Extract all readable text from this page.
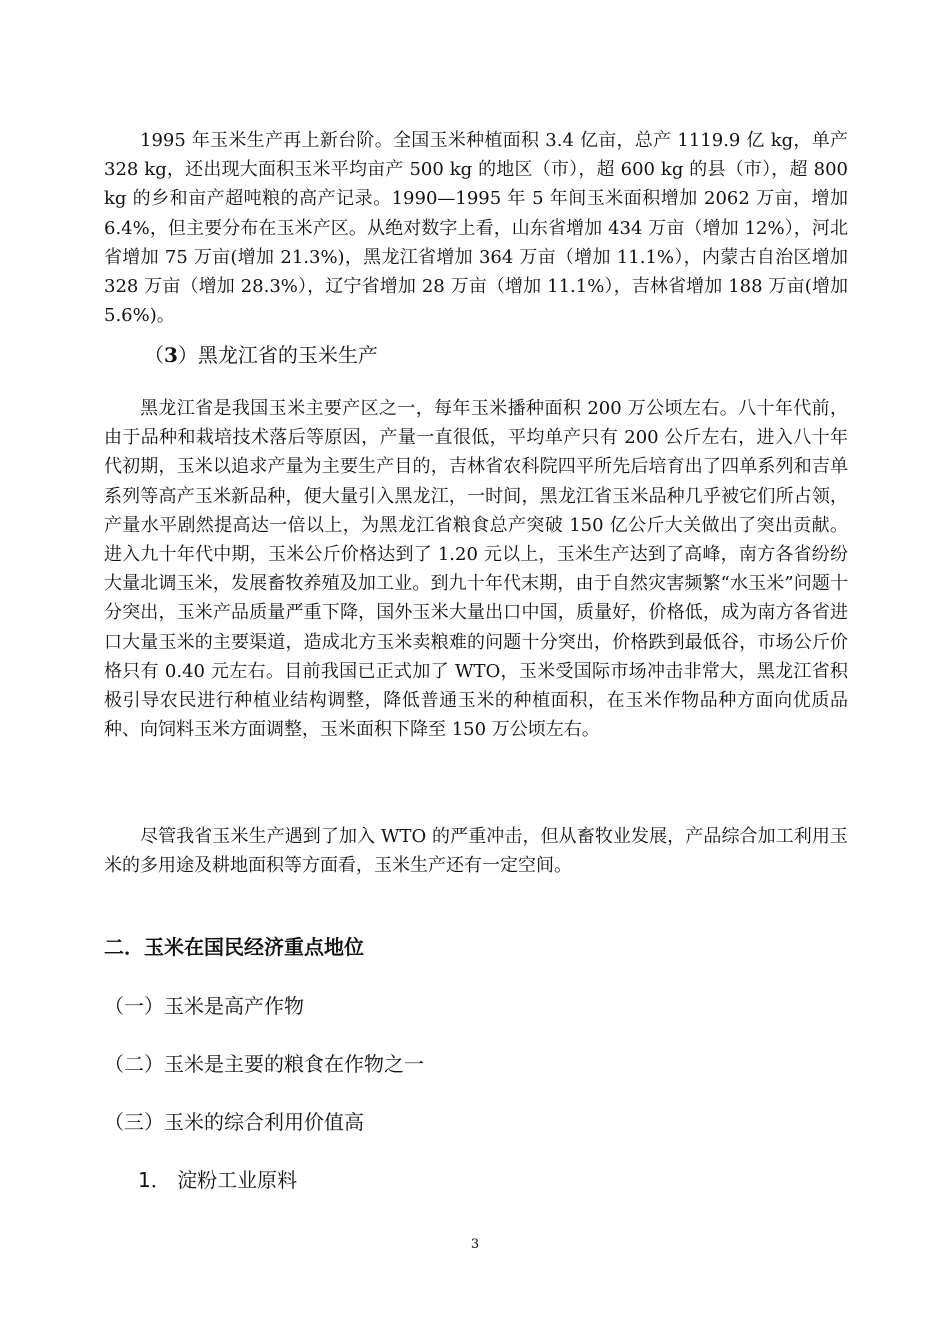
1995 年玉米生产再上新台阶。全国玉米种植面积 3.4 亿亩，总产 1119.9 亿 kg，单产 328 kg，还出现大面积玉米平均亩产 500 kg 的地区（市），超 600 kg 的县（市），超 800 kg 的乡和亩产超吨粮的高产记录。1990—1995 年 5 年间玉米面积增加 2062 万亩，增加 6.4%，但主要分布在玉米产区。从绝对数字上看，山东省增加 434 万亩（增加 12%），河北省增加 75 万亩(增加 21.3%)，黑龙江省增加 364 万亩（增加 11.1%），内蒙古自治区增加 328 万亩（增加 28.3%），辽宁省增加 28 万亩（增加 11.1%），吉林省增加 188 万亩(增加 5.6%)。

（3）黑龙江省的玉米生产

黑龙江省是我国玉米主要产区之一，每年玉米播种面积 200 万公顷左右。八十年代前，由于品种和栽培技术落后等原因，产量一直很低，平均单产只有 200 公斤左右，进入八十年代初期，玉米以追求产量为主要生产目的，吉林省农科院四平所先后培育出了四单系列和吉单系列等高产玉米新品种，便大量引入黑龙江，一时间，黑龙江省玉米品种几乎被它们所占领，产量水平剧然提高达一倍以上，为黑龙江省粮食总产突破 150 亿公斤大关做出了突出贡献。进入九十年代中期，玉米公斤价格达到了 1.20 元以上，玉米生产达到了高峰，南方各省纷纷大量北调玉米，发展畜牧养殖及加工业。到九十年代末期，由于自然灾害频繁“水玉米”问题十分突出，玉米产品质量严重下降，国外玉米大量出口中国，质量好，价格低，成为南方各省进口大量玉米的主要渠道，造成北方玉米卖粮难的问题十分突出，价格跌到最低谷，市场公斤价格只有 0.40 元左右。目前我国已正式加了 WTO，玉米受国际市场冲击非常大，黑龙江省积极引导农民进行种植业结构调整，降低普通玉米的种植面积，在玉米作物品种方面向优质品种、向饲料玉米方面调整，玉米面积下降至 150 万公顷左右。

尽管我省玉米生产遇到了加入 WTO 的严重冲击，但从畜牧业发展，产品综合加工利用玉米的多用途及耕地面积等方面看，玉米生产还有一定空间。

二．玉米在国民经济重点地位
（一）玉米是高产作物
（二）玉米是主要的粮食在作物之一
（三）玉米的综合利用价值高
1． 淀粉工业原料
3
